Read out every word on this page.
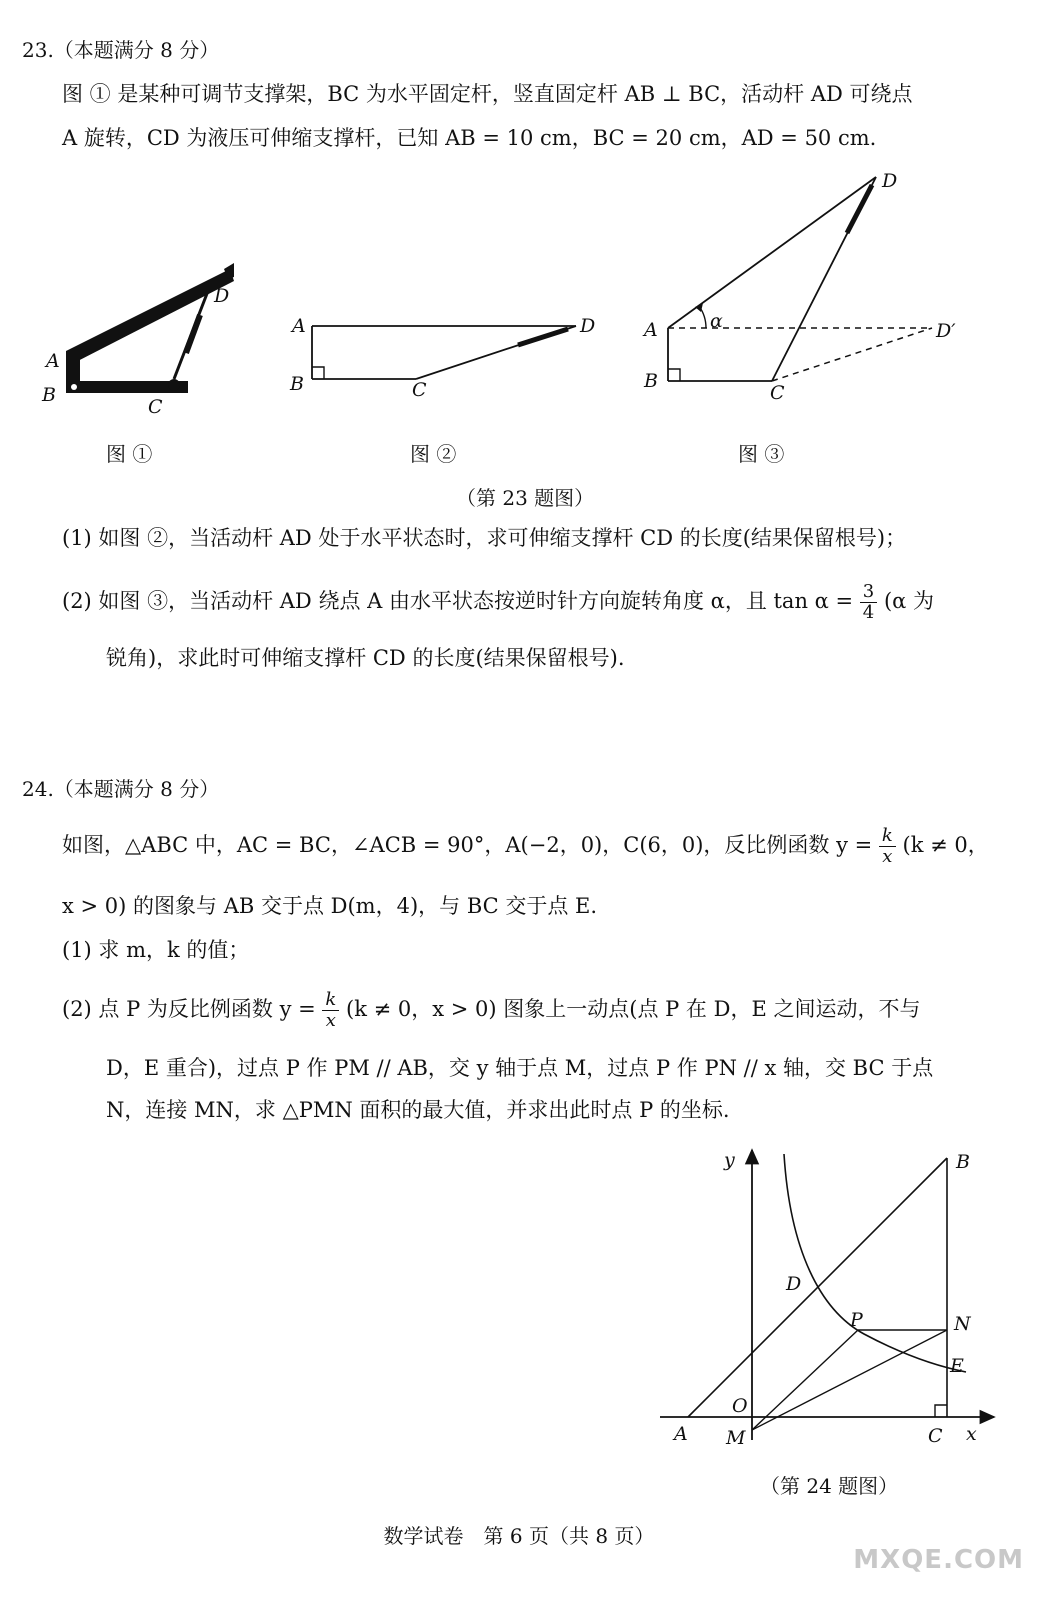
23.（本题满分 8 分）
图 ① 是某种可调节支撑架，BC 为水平固定杆，竖直固定杆 AB ⊥ BC，活动杆 AD 可绕点
A 旋转，CD 为液压可伸缩支撑杆，已知 AB = 10 cm，BC = 20 cm，AD = 50 cm.
D
A
B
C
图 ①
A
B	C
D
图 ②
α
A
B
C
D
D′
图 ③
（第 23 题图）
(1) 如图 ②，当活动杆 AD 处于水平状态时，求可伸缩支撑杆 CD 的长度(结果保留根号)；
(2) 如图 ③，当活动杆 AD 绕点 A 由水平状态按逆时针方向旋转角度 α，且 $\tan \alpha = \frac{3}{4} (\alpha$ 为
锐角)，求此时可伸缩支撑杆 CD 的长度(结果保留根号).
24.（本题满分 8 分）
如图，△ABC 中，AC = BC，∠ACB = 90°，A(−2，0)，C(6，0)，反比例函数 $y = \frac{k}{x} (k \ne 0$，
x > 0) 的图象与 AB 交于点 D(m，4)，与 BC 交于点 E.
(1) 求 m，k 的值；
(2) 点 P 为反比例函数 $y = \frac{k}{x} (k \ne 0$，x > 0) 图象上一动点(点 P 在 D，E 之间运动，不与
D，E 重合)，过点 P 作 PM // AB，交 y 轴于点 M，过点 P 作 PN // x 轴，交 BC 于点
N，连接 MN，求 △PMN 面积的最大值，并求出此时点 P 的坐标.
y	B
D
P	N
E
O
A M	C x
（第 24 题图）
数学试卷　第 6 页（共 8 页）
MXQE.COM
